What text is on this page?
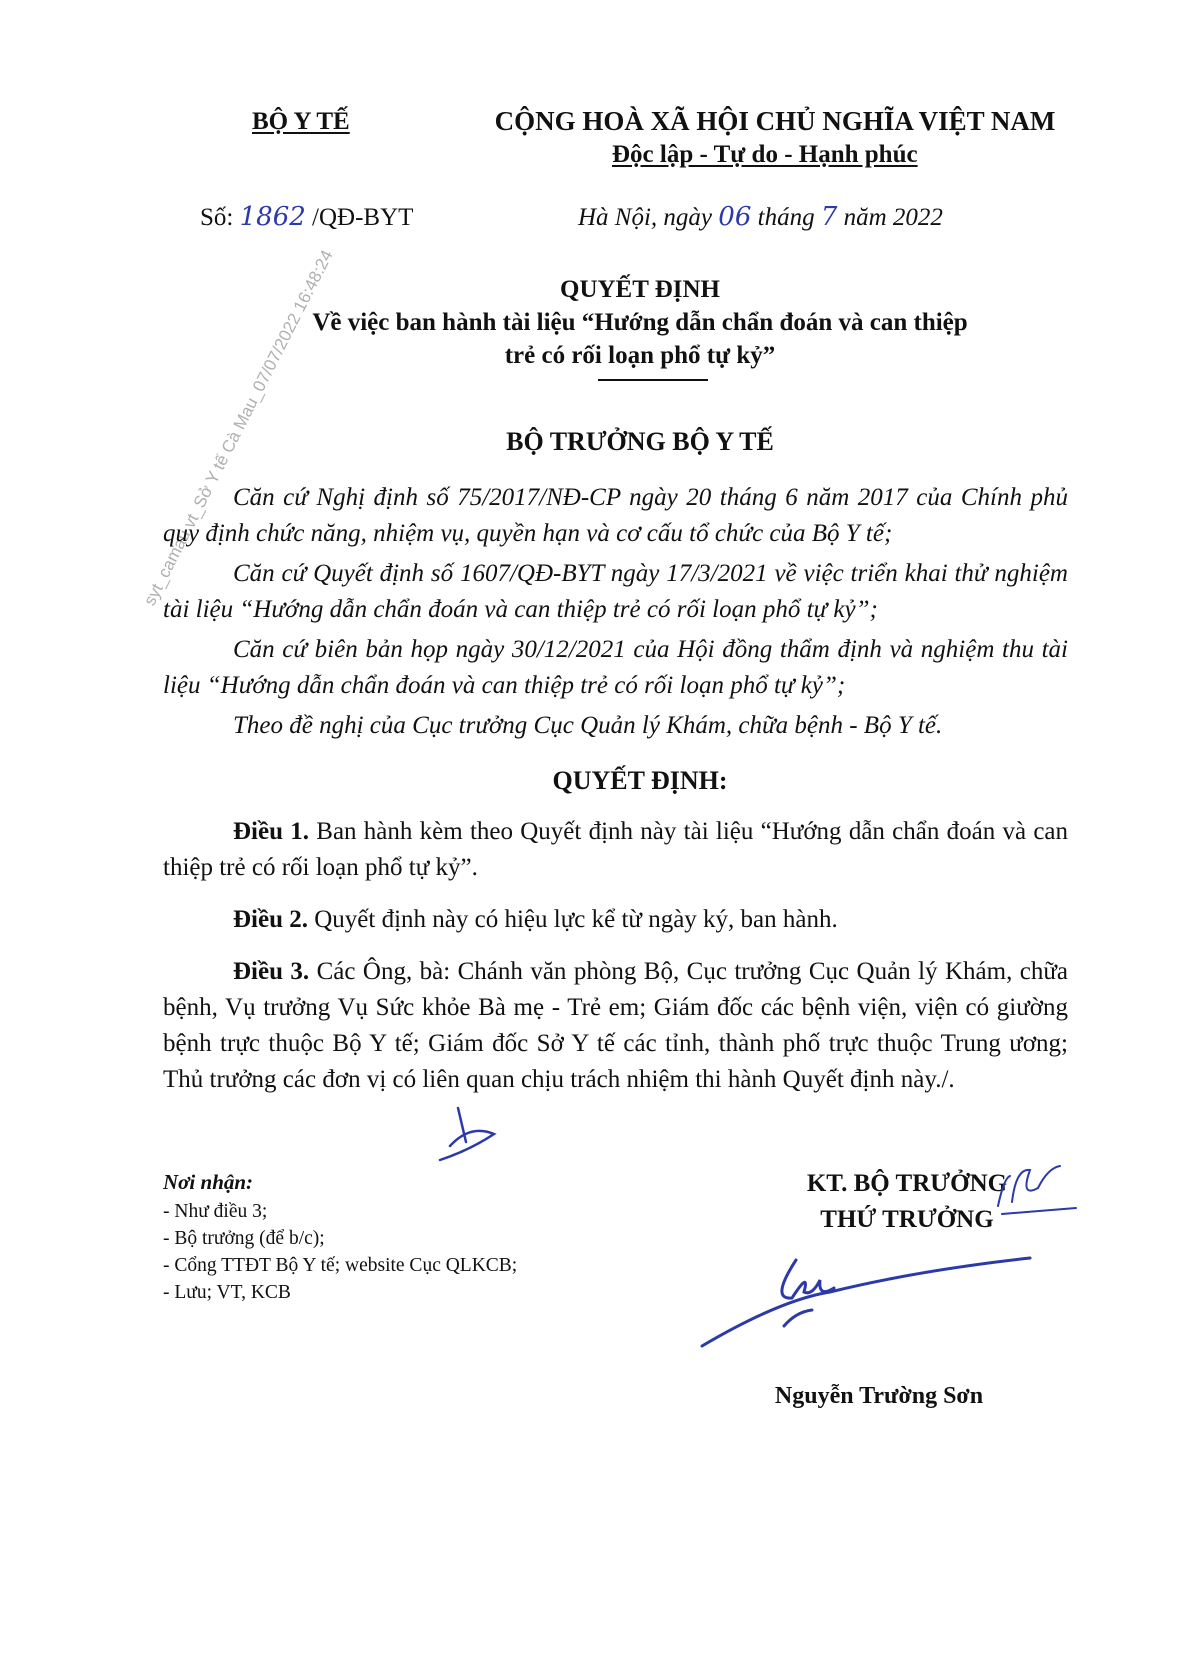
BỘ Y TẾ	CỘNG HOÀ XÃ HỘI CHỦ NGHĨA VIỆT NAM
Độc lập - Tự do - Hạnh phúc
Số: 1862 /QĐ-BYT	Hà Nội, ngày 06 tháng 7 năm 2022
syt_camau.vt_Sở Y tế Cà Mau_07/07/2022 16:48:24	QUYẾT ĐỊNH
Về việc ban hành tài liệu “Hướng dẫn chẩn đoán và can thiệp
trẻ có rối loạn phổ tự kỷ”
BỘ TRƯỞNG BỘ Y TẾ
Căn cứ Nghị định số 75/2017/NĐ-CP ngày 20 tháng 6 năm 2017 của Chính phủ quy định chức năng, nhiệm vụ, quyền hạn và cơ cấu tổ chức của Bộ Y tế;
Căn cứ Quyết định số 1607/QĐ-BYT ngày 17/3/2021 về việc triển khai thử nghiệm tài liệu “Hướng dẫn chẩn đoán và can thiệp trẻ có rối loạn phổ tự kỷ”;
Căn cứ biên bản họp ngày 30/12/2021 của Hội đồng thẩm định và nghiệm thu tài liệu “Hướng dẫn chẩn đoán và can thiệp trẻ có rối loạn phổ tự kỷ”;
Theo đề nghị của Cục trưởng Cục Quản lý Khám, chữa bệnh - Bộ Y tế.
QUYẾT ĐỊNH:
Điều 1. Ban hành kèm theo Quyết định này tài liệu “Hướng dẫn chẩn đoán và can thiệp trẻ có rối loạn phổ tự kỷ”.
Điều 2. Quyết định này có hiệu lực kể từ ngày ký, ban hành.
Điều 3. Các Ông, bà: Chánh văn phòng Bộ, Cục trưởng Cục Quản lý Khám, chữa bệnh, Vụ trưởng Vụ Sức khỏe Bà mẹ - Trẻ em; Giám đốc các bệnh viện, viện có giường bệnh trực thuộc Bộ Y tế; Giám đốc Sở Y tế các tỉnh, thành phố trực thuộc Trung ương; Thủ trưởng các đơn vị có liên quan chịu trách nhiệm thi hành Quyết định này./.
Nơi nhận:
- Như điều 3;
- Bộ trưởng (để b/c);
- Cổng TTĐT Bộ Y tế; website Cục QLKCB;
- Lưu; VT, KCB
KT. BỘ TRƯỞNG
THỨ TRƯỞNG
Nguyễn Trường Sơn
